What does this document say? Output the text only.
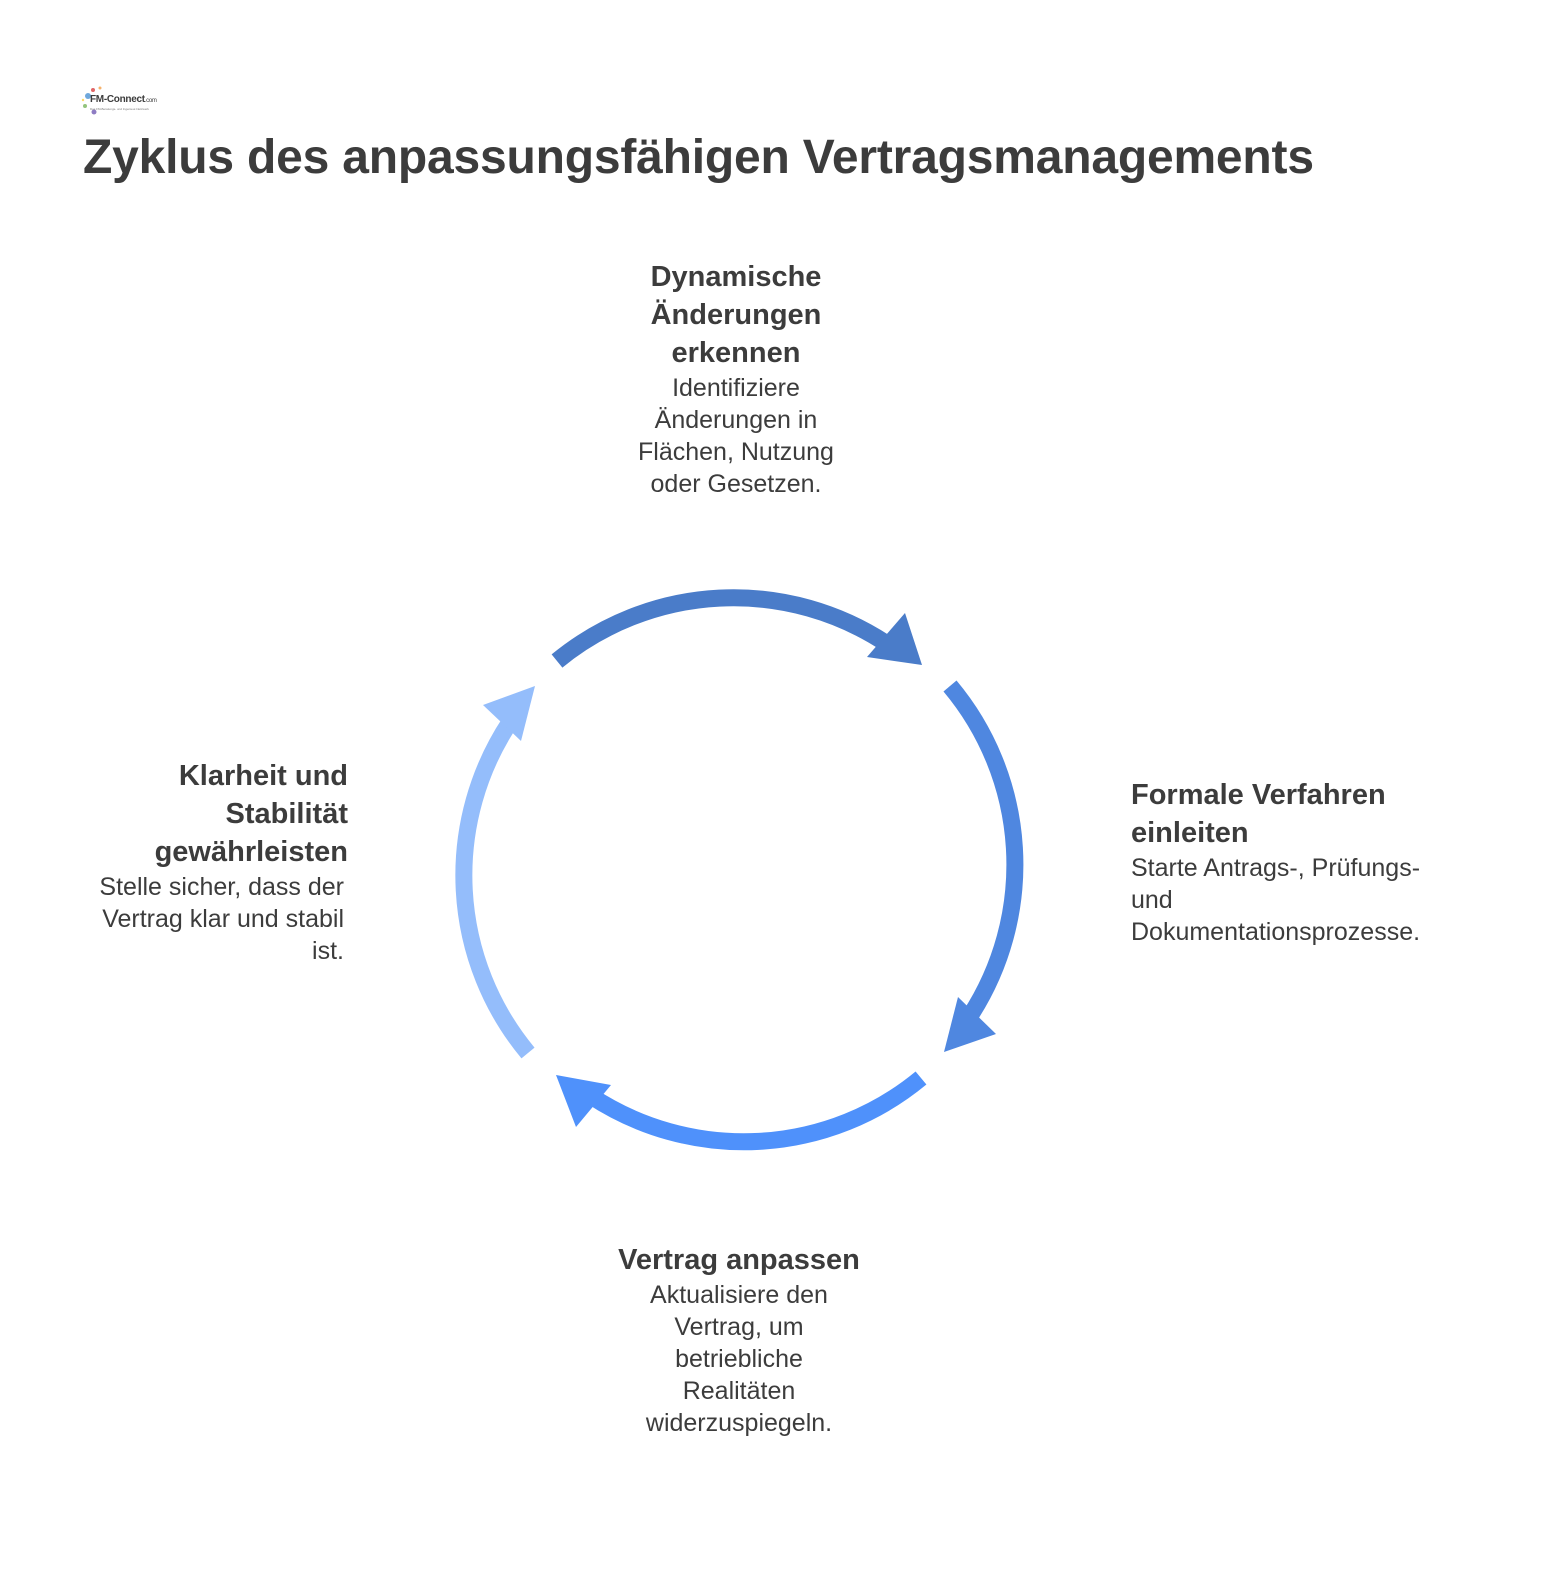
FM-Connect.com
Das FM-Beratungs- und Ingenieur-Netzwerk
Zyklus des anpassungsfähigen Vertragsmanagements
Dynamische Änderungen erkennen
Identifiziere Änderungen in Flächen, Nutzung oder Gesetzen.
Formale Verfahren einleiten
Starte Antrags-, Prüfungs- und Dokumentationsprozesse.
Vertrag anpassen
Aktualisiere den Vertrag, um betriebliche Realitäten widerzuspiegeln.
Klarheit und Stabilität gewährleisten
Stelle sicher, dass der Vertrag klar und stabil ist.
